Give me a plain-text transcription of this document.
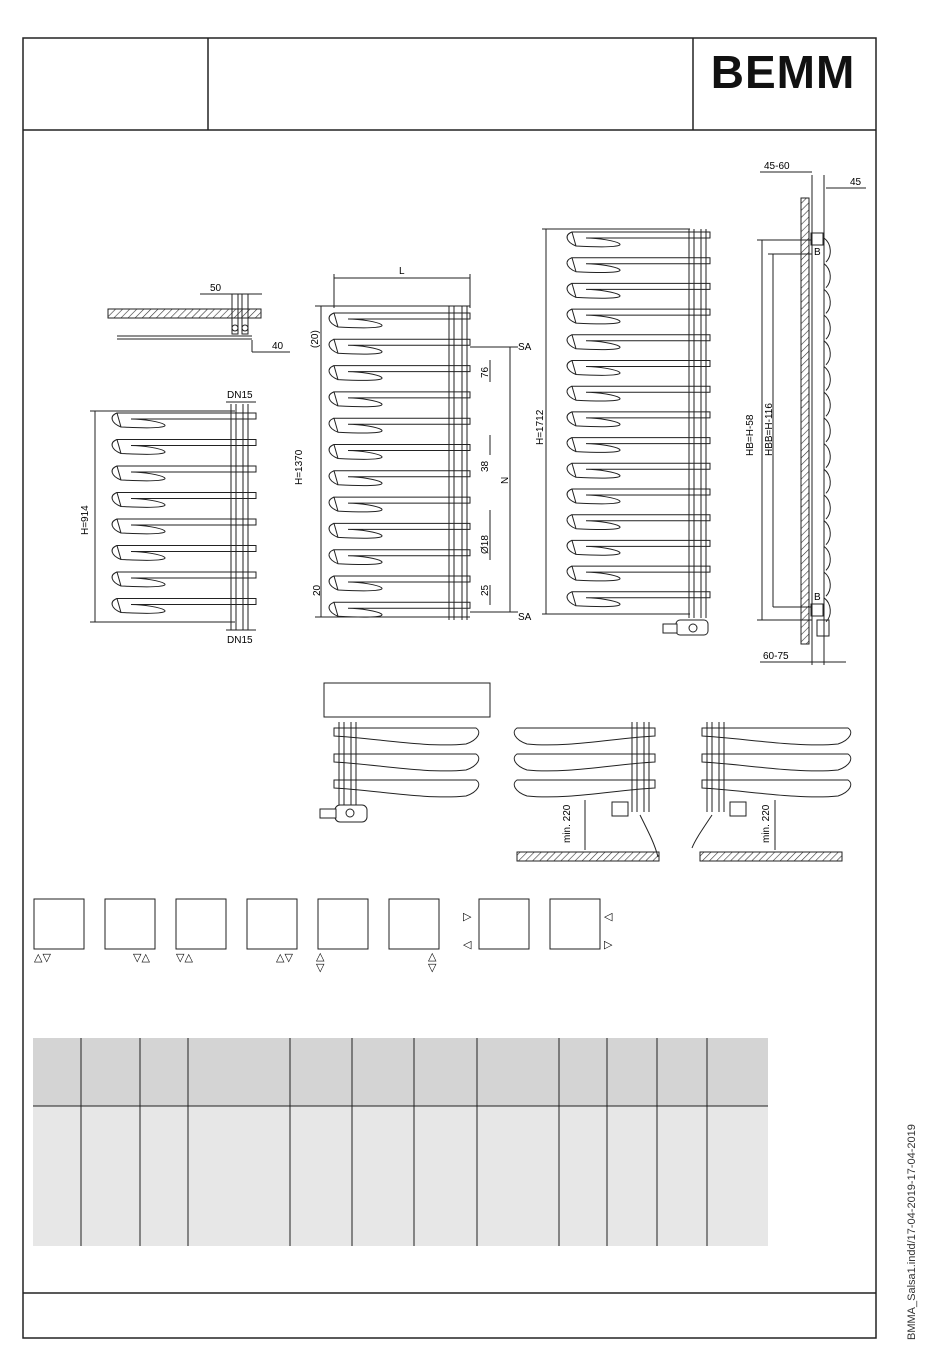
BEMM
50
40
DN15
DN15
H=914
L
(20)
H=1370
20
SA
SA
76
38
N
Ø18
25
H=1712
45-60
45
HB=H-58 HBB=H-116
B
B
60-75
min. 220
min. 220
△▽	▽△ ▽△	△▽ △ ▽
△ ▽
▷ ◁
◁ ▷
BMMA_Salsa1.indd/17-04-2019-17-04-2019
